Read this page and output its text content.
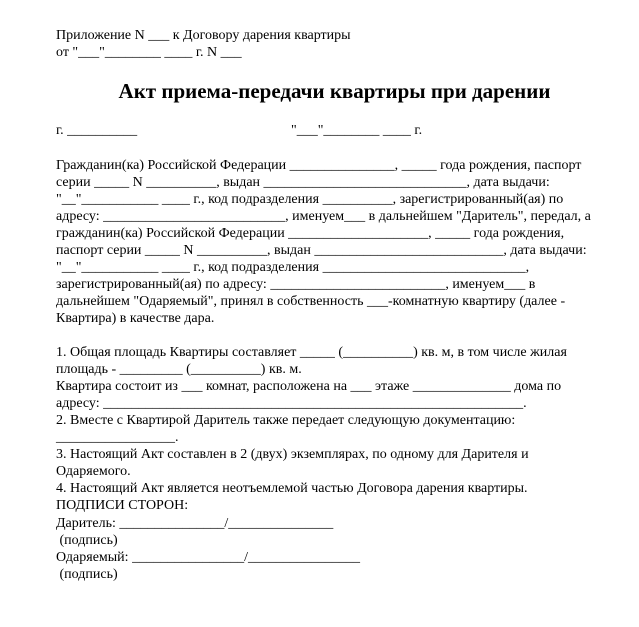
Приложение N ___ к Договору дарения квартиры
от "___"________ ____ г. N ___
Акт приема-передачи квартиры при дарении
г. __________	"___"________ ____ г.
Гражданин(ка) Российской Федерации _______________, _____ года рождения, паспорт
серии _____ N __________, выдан _____________________________, дата выдачи:
"__"___________ ____ г., код подразделения __________, зарегистрированный(ая) по
адресу: __________________________, именуем___ в дальнейшем "Даритель", передал, а
гражданин(ка) Российской Федерации ____________________, _____ года рождения,
паспорт серии _____ N __________, выдан ___________________________, дата выдачи:
"__"___________ ____ г., код подразделения _____________________________,
зарегистрированный(ая) по адресу: _________________________, именуем___ в
дальнейшем "Одаряемый", принял в собственность ___-комнатную квартиру (далее -
Квартира) в качестве дара.
1. Общая площадь Квартиры составляет _____ (__________) кв. м, в том числе жилая
площадь - _________ (__________) кв. м.
Квартира состоит из ___ комнат, расположена на ___ этаже ______________ дома по
адресу: ____________________________________________________________.
2. Вместе с Квартирой Даритель также передает следующую документацию:
_________________.
3. Настоящий Акт составлен в 2 (двух) экземплярах, по одному для Дарителя и
Одаряемого.
4. Настоящий Акт является неотъемлемой частью Договора дарения квартиры.
ПОДПИСИ СТОРОН:
Даритель: _______________/_______________
(подпись)
Одаряемый: ________________/________________
(подпись)
